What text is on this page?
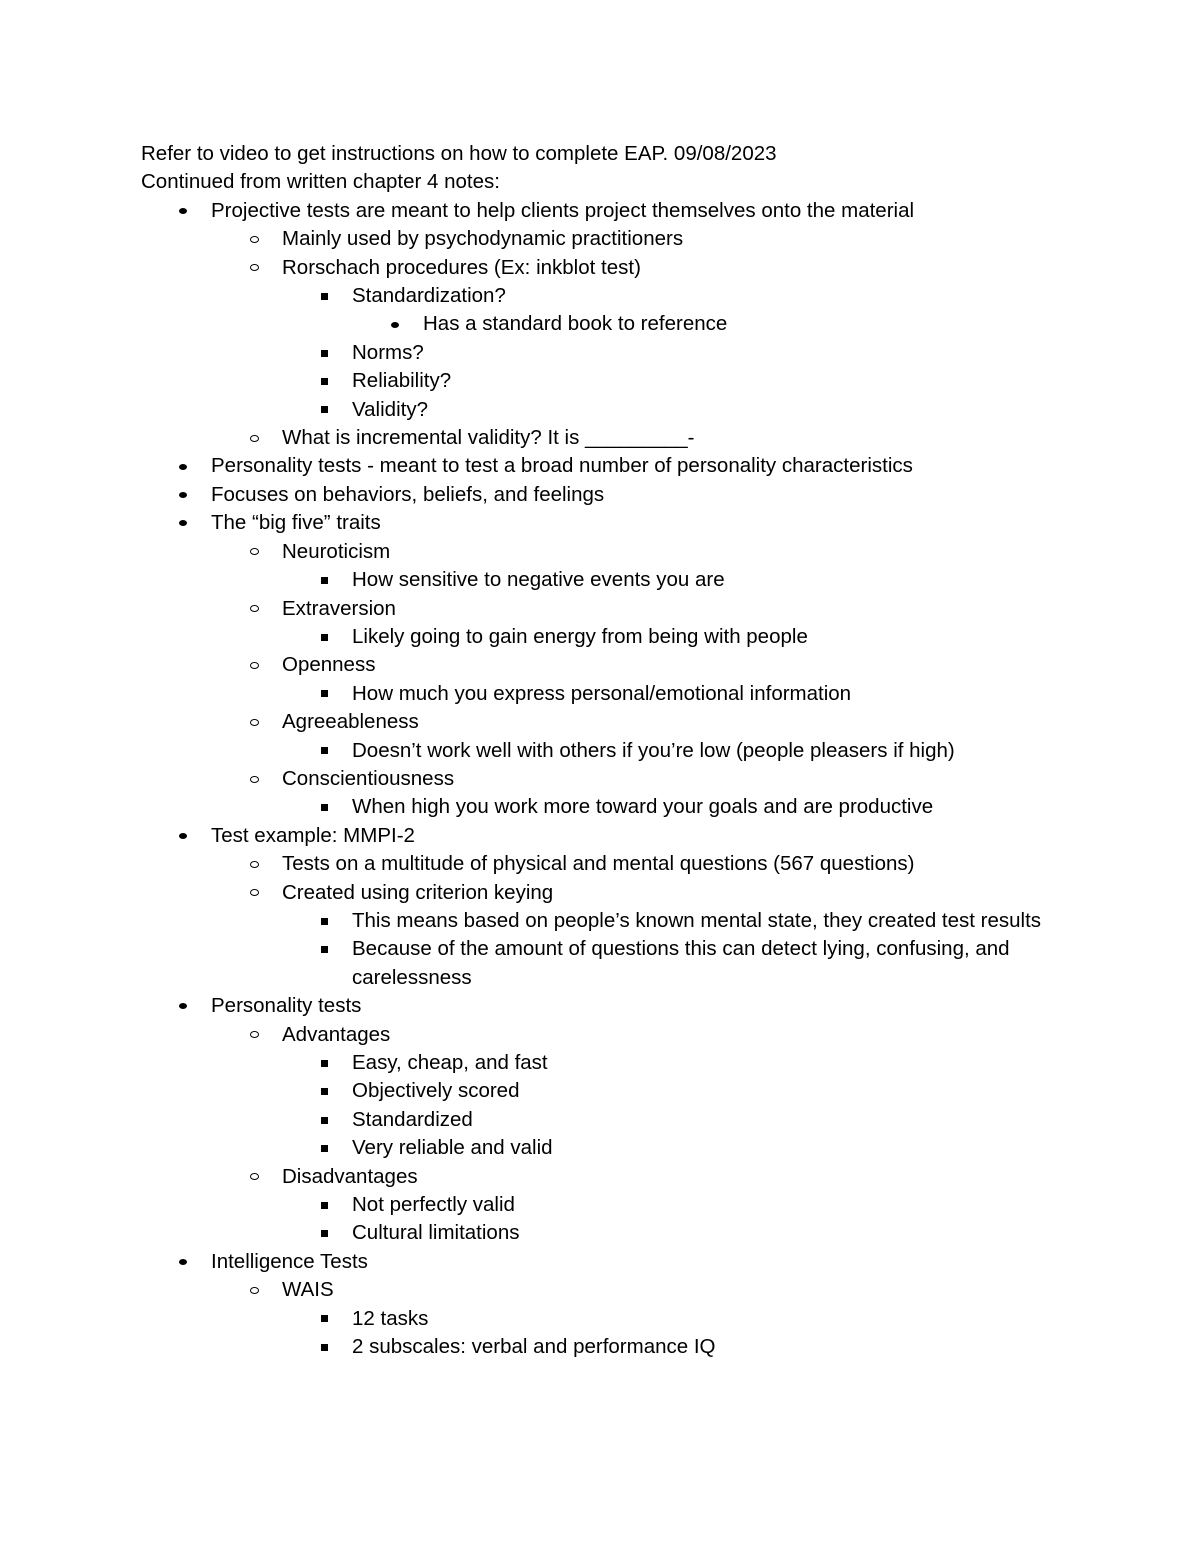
Refer to video to get instructions on how to complete EAP. 09/08/2023

Continued from written chapter 4 notes:

Projective tests are meant to help clients project themselves onto the material
Mainly used by psychodynamic practitioners
Rorschach procedures (Ex: inkblot test)
Standardization?
Has a standard book to reference
Norms?
Reliability?
Validity?
What is incremental validity? It is _________-
Personality tests - meant to test a broad number of personality characteristics
Focuses on behaviors, beliefs, and feelings
The “big five” traits
Neuroticism
How sensitive to negative events you are
Extraversion
Likely going to gain energy from being with people
Openness
How much you express personal/emotional information
Agreeableness
Doesn’t work well with others if you’re low (people pleasers if high)
Conscientiousness
When high you work more toward your goals and are productive
Test example: MMPI-2
Tests on a multitude of physical and mental questions (567 questions)
Created using criterion keying
This means based on people’s known mental state, they created test results
Because of the amount of questions this can detect lying, confusing, and carelessness
Personality tests
Advantages
Easy, cheap, and fast
Objectively scored
Standardized
Very reliable and valid
Disadvantages
Not perfectly valid
Cultural limitations
Intelligence Tests
WAIS
12 tasks
2 subscales: verbal and performance IQ
